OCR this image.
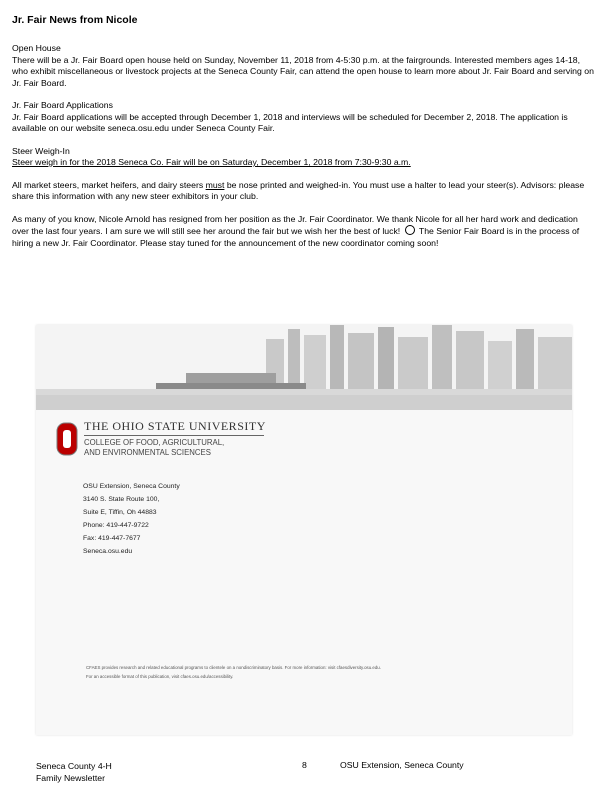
Jr. Fair News from Nicole

Open House
There will be a Jr. Fair Board open house held on Sunday, November 11, 2018 from 4-5:30 p.m. at the fairgrounds. Interested members ages 14-18, who exhibit miscellaneous or livestock projects at the Seneca County Fair, can attend the open house to learn more about Jr. Fair Board and serving on Jr. Fair Board.

Jr. Fair Board Applications
Jr. Fair Board applications will be accepted through December 1, 2018 and interviews will be scheduled for December 2, 2018. The application is available on our website seneca.osu.edu under Seneca County Fair.

Steer Weigh-In
Steer weigh in for the 2018 Seneca Co. Fair will be on Saturday, December 1, 2018 from 7:30-9:30 a.m.

All market steers, market heifers, and dairy steers must be nose printed and weighed-in. You must use a halter to lead your steer(s). Advisors: please share this information with any new steer exhibitors in your club.

As many of you know, Nicole Arnold has resigned from her position as the Jr. Fair Coordinator. We thank Nicole for all her hard work and dedication over the last four years. I am sure we will still see her around the fair but we wish her the best of luck! The Senior Fair Board is in the process of hiring a new Jr. Fair Coordinator. Please stay tuned for the announcement of the new coordinator coming soon!

THE OHIO STATE UNIVERSITY
COLLEGE OF FOOD, AGRICULTURAL,
AND ENVIRONMENTAL SCIENCES
OSU Extension, Seneca County
3140 S. State Route 100,
Suite E, Tiffin, Oh 44883
Phone: 419-447-9722
Fax: 419-447-7677
Seneca.osu.edu
CFAES provides research and related educational programs to clientele on a nondiscriminatory basis. For more information: visit cfaesdiversity.osu.edu.
For an accessible format of this publication, visit cfaes.osu.edu/accessibility.
Seneca County 4-H
Family Newsletter
8	OSU Extension, Seneca County
